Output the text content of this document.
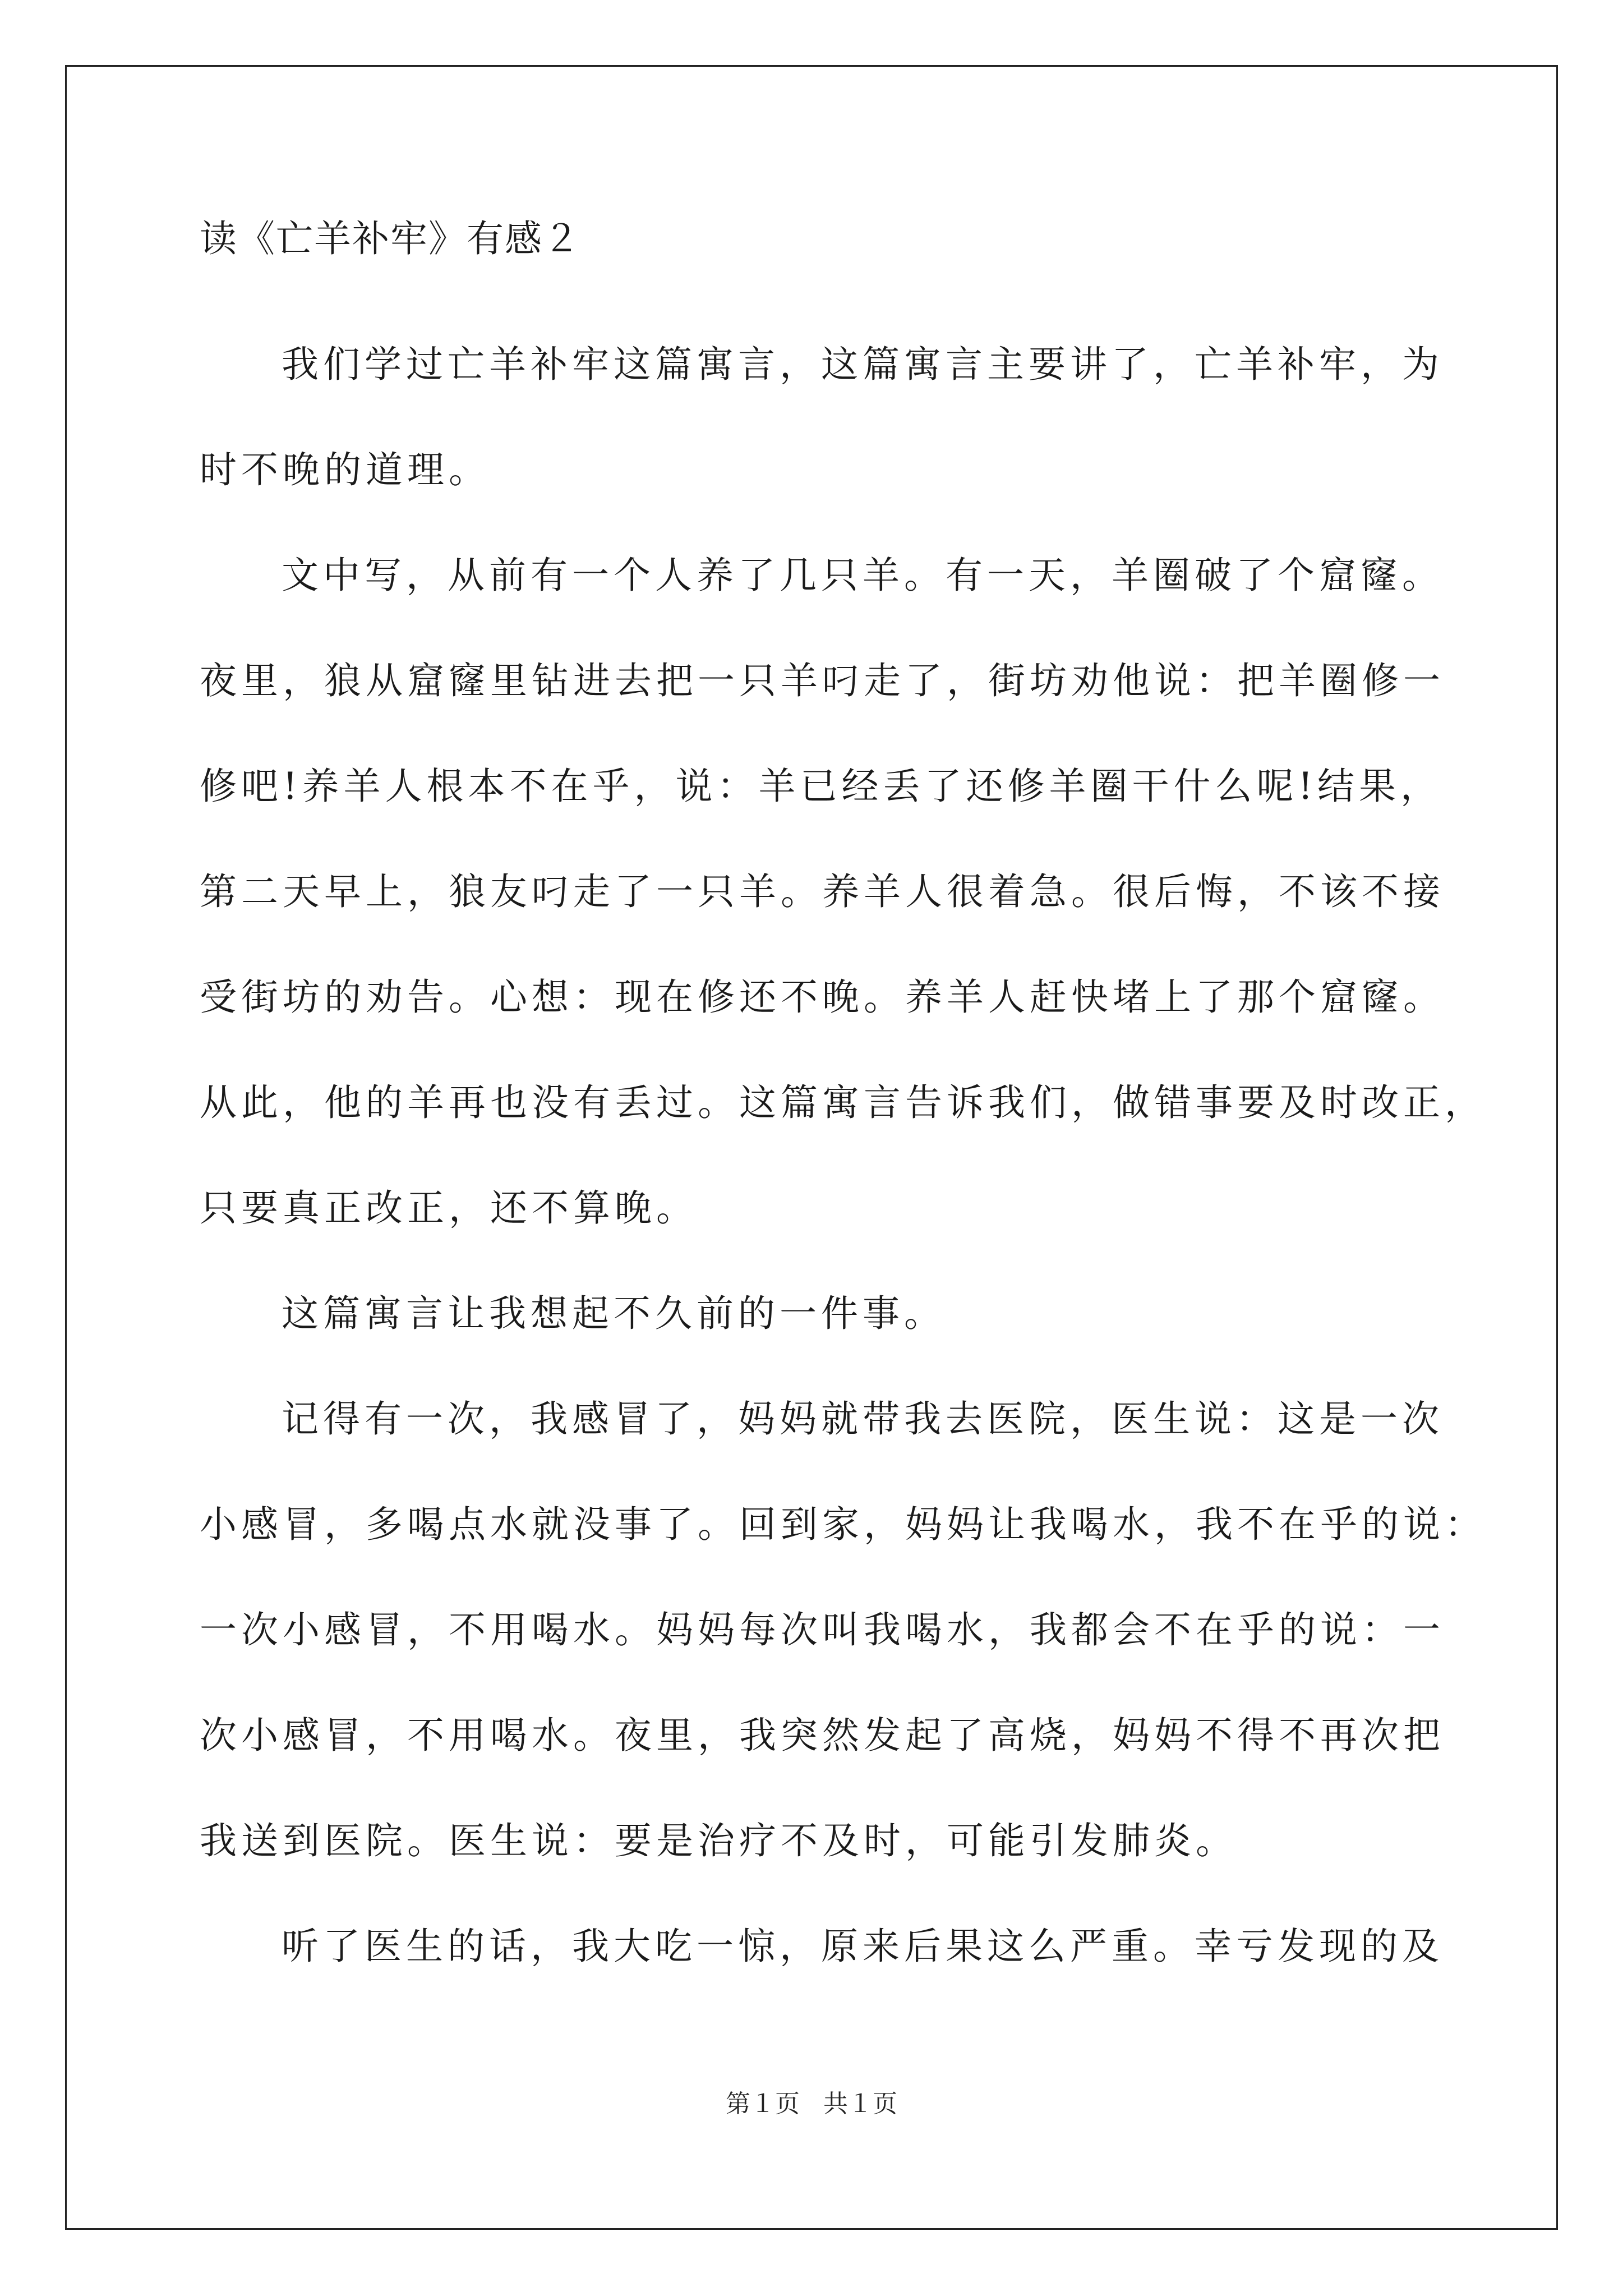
读《亡羊补牢》有感２
我们学过亡羊补牢这篇寓言，这篇寓言主要讲了，亡羊补牢，为
时不晚的道理。
文中写，从前有一个人养了几只羊。有一天，羊圈破了个窟窿。
夜里，狼从窟窿里钻进去把一只羊叼走了，街坊劝他说：把羊圈修一
修吧!养羊人根本不在乎，说：羊已经丢了还修羊圈干什么呢!结果，
第二天早上，狼友叼走了一只羊。养羊人很着急。很后悔，不该不接
受街坊的劝告。心想：现在修还不晚。养羊人赶快堵上了那个窟窿。
从此，他的羊再也没有丢过。这篇寓言告诉我们，做错事要及时改正，
只要真正改正，还不算晚。
这篇寓言让我想起不久前的一件事。
记得有一次，我感冒了，妈妈就带我去医院，医生说：这是一次
小感冒，多喝点水就没事了。回到家，妈妈让我喝水，我不在乎的说：
一次小感冒，不用喝水。妈妈每次叫我喝水，我都会不在乎的说：一
次小感冒，不用喝水。夜里，我突然发起了高烧，妈妈不得不再次把
我送到医院。医生说：要是治疗不及时，可能引发肺炎。
听了医生的话，我大吃一惊，原来后果这么严重。幸亏发现的及
第１页   共１页
